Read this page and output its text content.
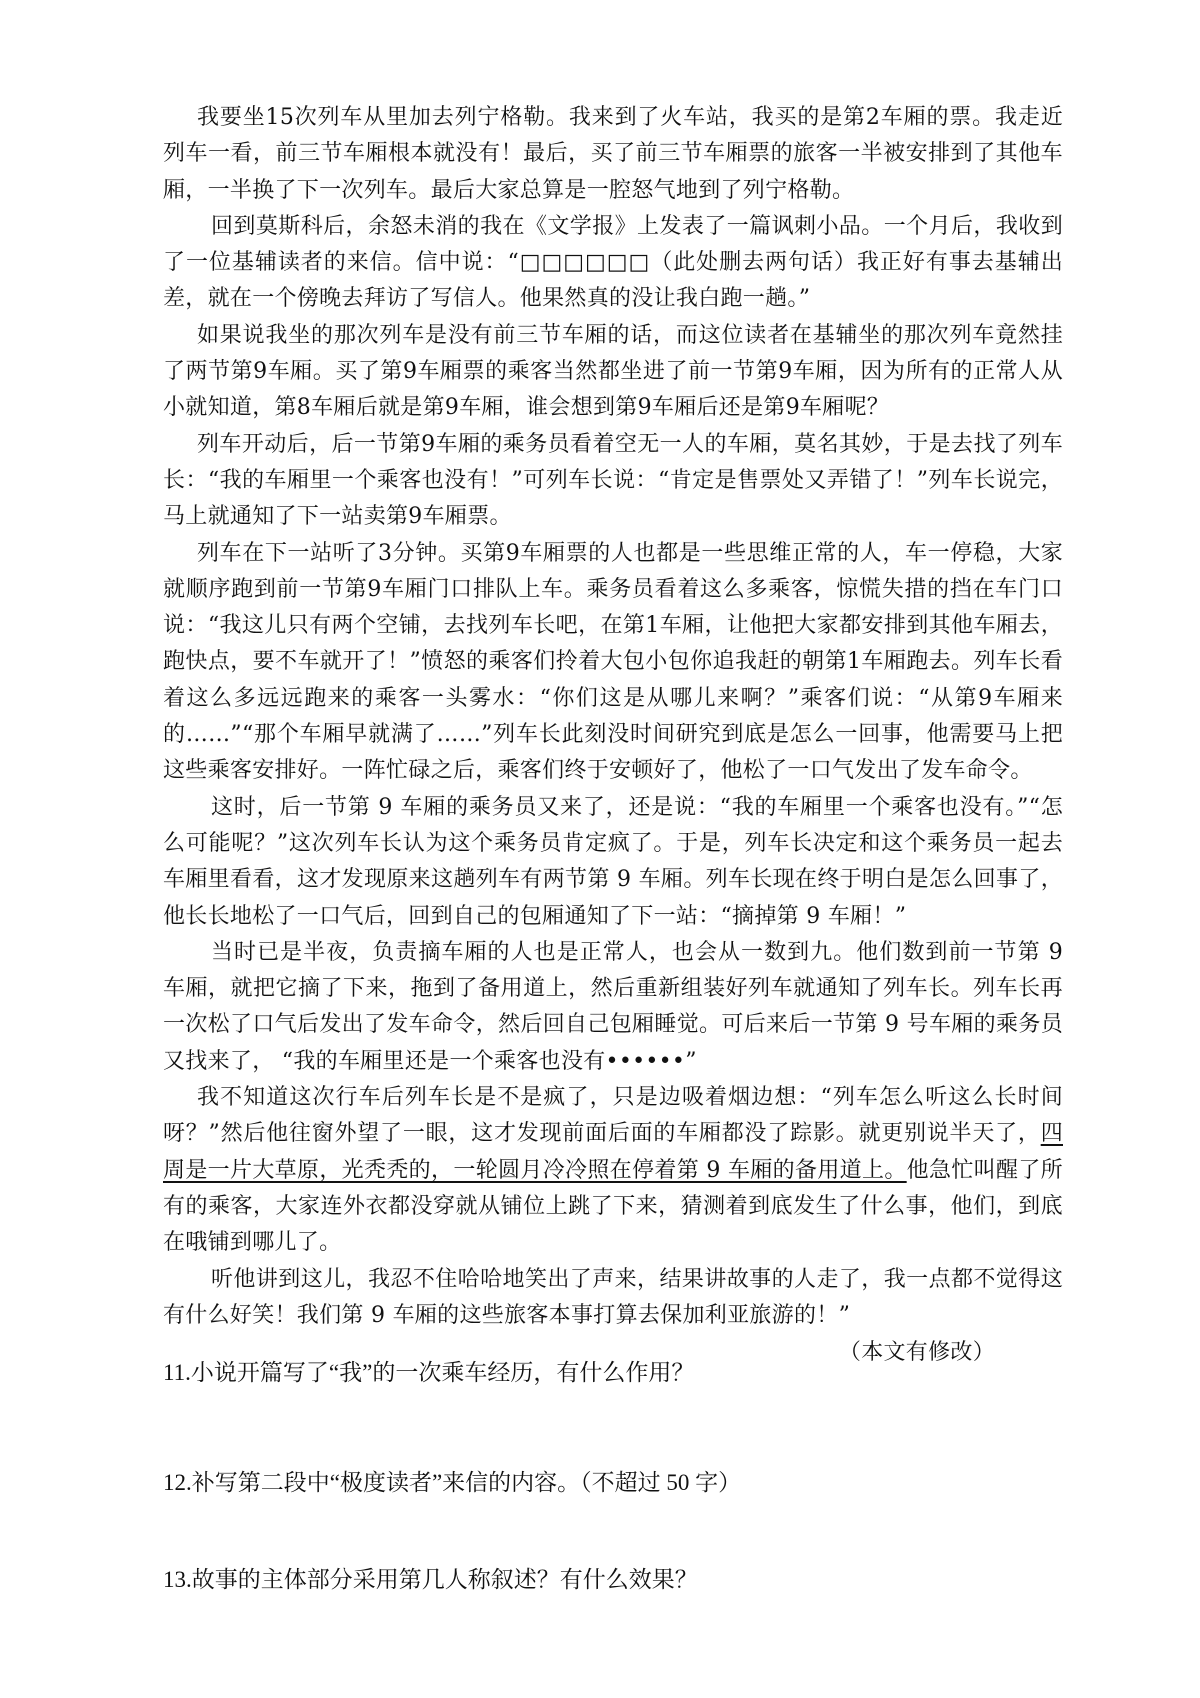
我要坐15次列车从里加去列宁格勒。我来到了火车站，我买的是第2车厢的票。我走近列车一看，前三节车厢根本就没有！最后，买了前三节车厢票的旅客一半被安排到了其他车厢，一半换了下一次列车。最后大家总算是一腔怒气地到了列宁格勒。

回到莫斯科后，余怒未消的我在《文学报》上发表了一篇讽刺小品。一个月后，我收到了一位基辅读者的来信。信中说：“□□□□□□（此处删去两句话）我正好有事去基辅出差，就在一个傍晚去拜访了写信人。他果然真的没让我白跑一趟。”

如果说我坐的那次列车是没有前三节车厢的话，而这位读者在基辅坐的那次列车竟然挂了两节第9车厢。买了第9车厢票的乘客当然都坐进了前一节第9车厢，因为所有的正常人从小就知道，第8车厢后就是第9车厢，谁会想到第9车厢后还是第9车厢呢？

列车开动后，后一节第9车厢的乘务员看着空无一人的车厢，莫名其妙，于是去找了列车长：“我的车厢里一个乘客也没有！”可列车长说：“肯定是售票处又弄错了！”列车长说完，马上就通知了下一站卖第9车厢票。

列车在下一站听了3分钟。买第9车厢票的人也都是一些思维正常的人，车一停稳，大家就顺序跑到前一节第9车厢门口排队上车。乘务员看着这么多乘客，惊慌失措的挡在车门口说：“我这儿只有两个空铺，去找列车长吧，在第1车厢，让他把大家都安排到其他车厢去，跑快点，要不车就开了！”愤怒的乘客们拎着大包小包你追我赶的朝第1车厢跑去。列车长看着这么多远远跑来的乘客一头雾水：“你们这是从哪儿来啊？”乘客们说：“从第9车厢来的……”“那个车厢早就满了……”列车长此刻没时间研究到底是怎么一回事，他需要马上把这些乘客安排好。一阵忙碌之后，乘客们终于安顿好了，他松了一口气发出了发车命令。

这时，后一节第 9 车厢的乘务员又来了，还是说：“我的车厢里一个乘客也没有。”“怎么可能呢？”这次列车长认为这个乘务员肯定疯了。于是，列车长决定和这个乘务员一起去车厢里看看，这才发现原来这趟列车有两节第 9 车厢。列车长现在终于明白是怎么回事了，他长长地松了一口气后，回到自己的包厢通知了下一站：“摘掉第 9 车厢！”

当时已是半夜，负责摘车厢的人也是正常人，也会从一数到九。他们数到前一节第 9 车厢，就把它摘了下来，拖到了备用道上，然后重新组装好列车就通知了列车长。列车长再一次松了口气后发出了发车命令，然后回自己包厢睡觉。可后来后一节第 9 号车厢的乘务员又找来了， “我的车厢里还是一个乘客也没有••••••”

我不知道这次行车后列车长是不是疯了，只是边吸着烟边想：“列车怎么听这么长时间呀？”然后他往窗外望了一眼，这才发现前面后面的车厢都没了踪影。就更别说半天了，四周是一片大草原，光秃秃的，一轮圆月冷冷照在停着第 9 车厢的备用道上。他急忙叫醒了所有的乘客，大家连外衣都没穿就从铺位上跳了下来，猜测着到底发生了什么事，他们，到底在哦铺到哪儿了。

听他讲到这儿，我忍不住哈哈地笑出了声来，结果讲故事的人走了，我一点都不觉得这有什么好笑！我们第 9 车厢的这些旅客本事打算去保加利亚旅游的！”

（本文有修改）

11.小说开篇写了“我”的一次乘车经历，有什么作用？

12.补写第二段中“极度读者”来信的内容。（不超过 50 字）

13.故事的主体部分采用第几人称叙述？有什么效果？
